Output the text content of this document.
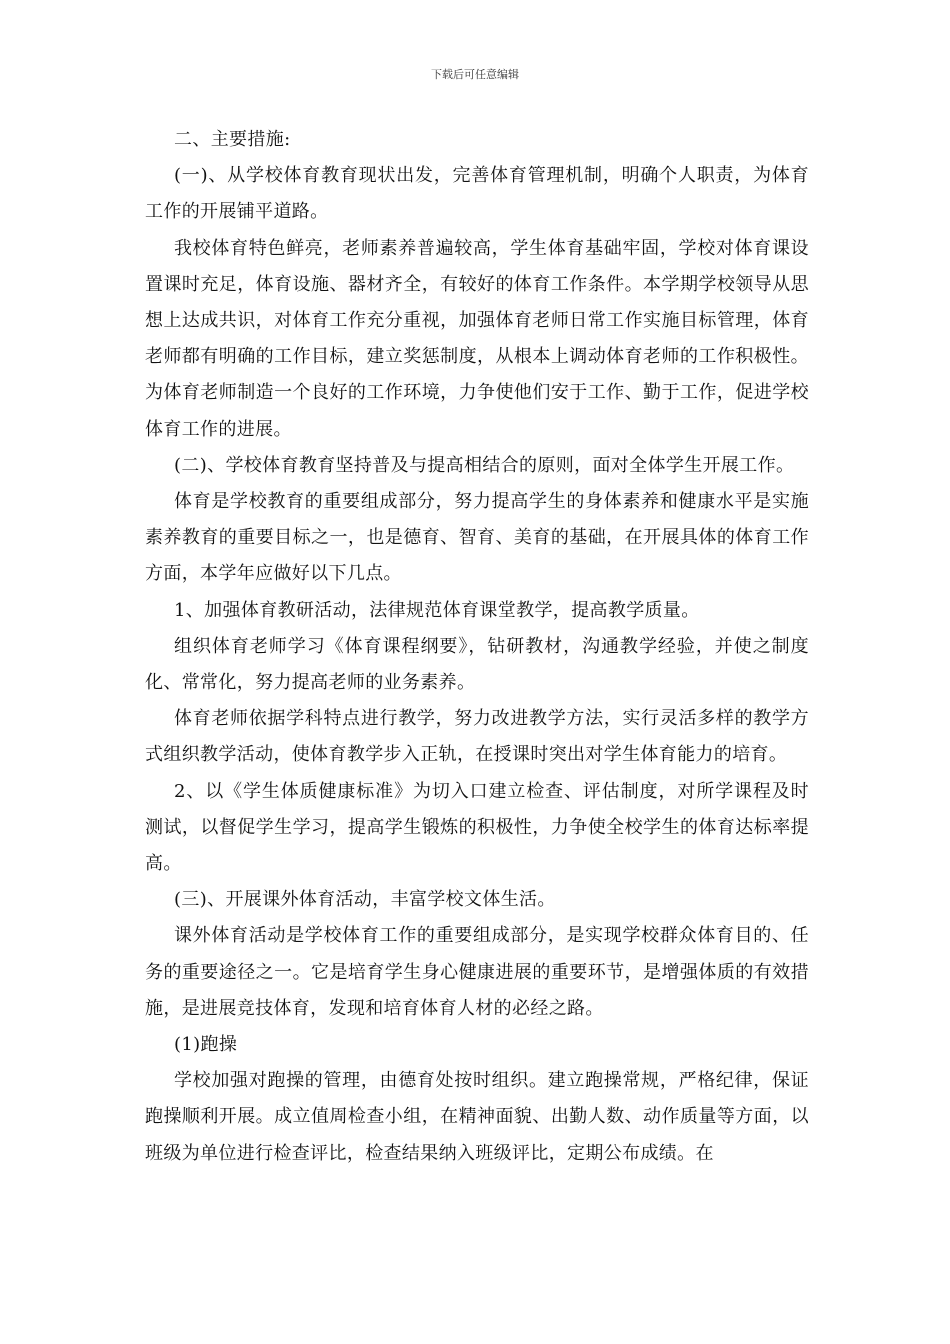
下载后可任意编辑

二、主要措施:

(一)、从学校体育教育现状出发，完善体育管理机制，明确个人职责，为体育工作的开展铺平道路。

我校体育特色鲜亮，老师素养普遍较高，学生体育基础牢固，学校对体育课设置课时充足，体育设施、器材齐全，有较好的体育工作条件。本学期学校领导从思想上达成共识，对体育工作充分重视，加强体育老师日常工作实施目标管理，体育老师都有明确的工作目标，建立奖惩制度，从根本上调动体育老师的工作积极性。为体育老师制造一个良好的工作环境，力争使他们安于工作、勤于工作，促进学校体育工作的进展。

(二)、学校体育教育坚持普及与提高相结合的原则，面对全体学生开展工作。

体育是学校教育的重要组成部分，努力提高学生的身体素养和健康水平是实施素养教育的重要目标之一，也是德育、智育、美育的基础，在开展具体的体育工作方面，本学年应做好以下几点。

1、加强体育教研活动，法律规范体育课堂教学，提高教学质量。

组织体育老师学习《体育课程纲要》，钻研教材，沟通教学经验，并使之制度化、常常化，努力提高老师的业务素养。

体育老师依据学科特点进行教学，努力改进教学方法，实行灵活多样的教学方式组织教学活动，使体育教学步入正轨，在授课时突出对学生体育能力的培育。

2、以《学生体质健康标准》为切入口建立检查、评估制度，对所学课程及时测试，以督促学生学习，提高学生锻炼的积极性，力争使全校学生的体育达标率提高。

(三)、开展课外体育活动，丰富学校文体生活。

课外体育活动是学校体育工作的重要组成部分，是实现学校群众体育目的、任务的重要途径之一。它是培育学生身心健康进展的重要环节，是增强体质的有效措施，是进展竞技体育，发现和培育体育人材的必经之路。

(1)跑操

学校加强对跑操的管理，由德育处按时组织。建立跑操常规，严格纪律，保证跑操顺利开展。成立值周检查小组，在精神面貌、出勤人数、动作质量等方面，以班级为单位进行检查评比，检查结果纳入班级评比，定期公布成绩。在
